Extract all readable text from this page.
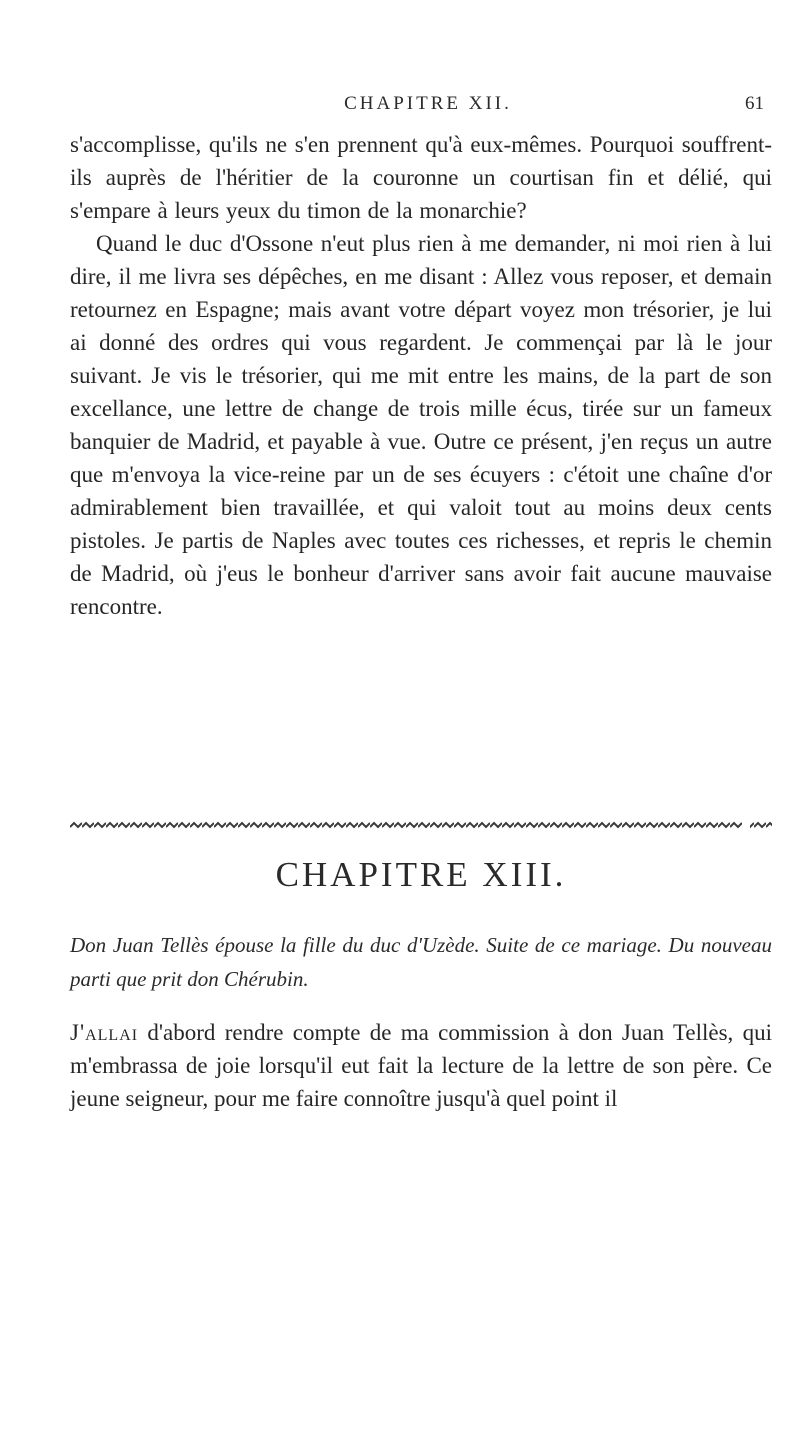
CHAPITRE XII.	61

s'accomplisse, qu'ils ne s'en prennent qu'à eux-mêmes. Pourquoi souffrent-ils auprès de l'héritier de la couronne un courtisan fin et délié, qui s'empare à leurs yeux du timon de la monarchie?

Quand le duc d'Ossone n'eut plus rien à me demander, ni moi rien à lui dire, il me livra ses dépêches, en me disant : Allez vous reposer, et demain retournez en Espagne; mais avant votre départ voyez mon trésorier, je lui ai donné des ordres qui vous regardent. Je commençai par là le jour suivant. Je vis le trésorier, qui me mit entre les mains, de la part de son excellance, une lettre de change de trois mille écus, tirée sur un fameux banquier de Madrid, et payable à vue. Outre ce présent, j'en reçus un autre que m'envoya la vice-reine par un de ses écuyers : c'étoit une chaîne d'or admirablement bien travaillée, et qui valoit tout au moins deux cents pistoles. Je partis de Naples avec toutes ces richesses, et repris le chemin de Madrid, où j'eus le bonheur d'arriver sans avoir fait aucune mauvaise rencontre.

CHAPITRE XIII.
Don Juan Tellès épouse la fille du duc d'Uzède. Suite de ce mariage. Du nouveau parti que prit don Chérubin.
J'allai d'abord rendre compte de ma commission à don Juan Tellès, qui m'embrassa de joie lorsqu'il eut fait la lecture de la lettre de son père. Ce jeune seigneur, pour me faire connoître jusqu'à quel point il
